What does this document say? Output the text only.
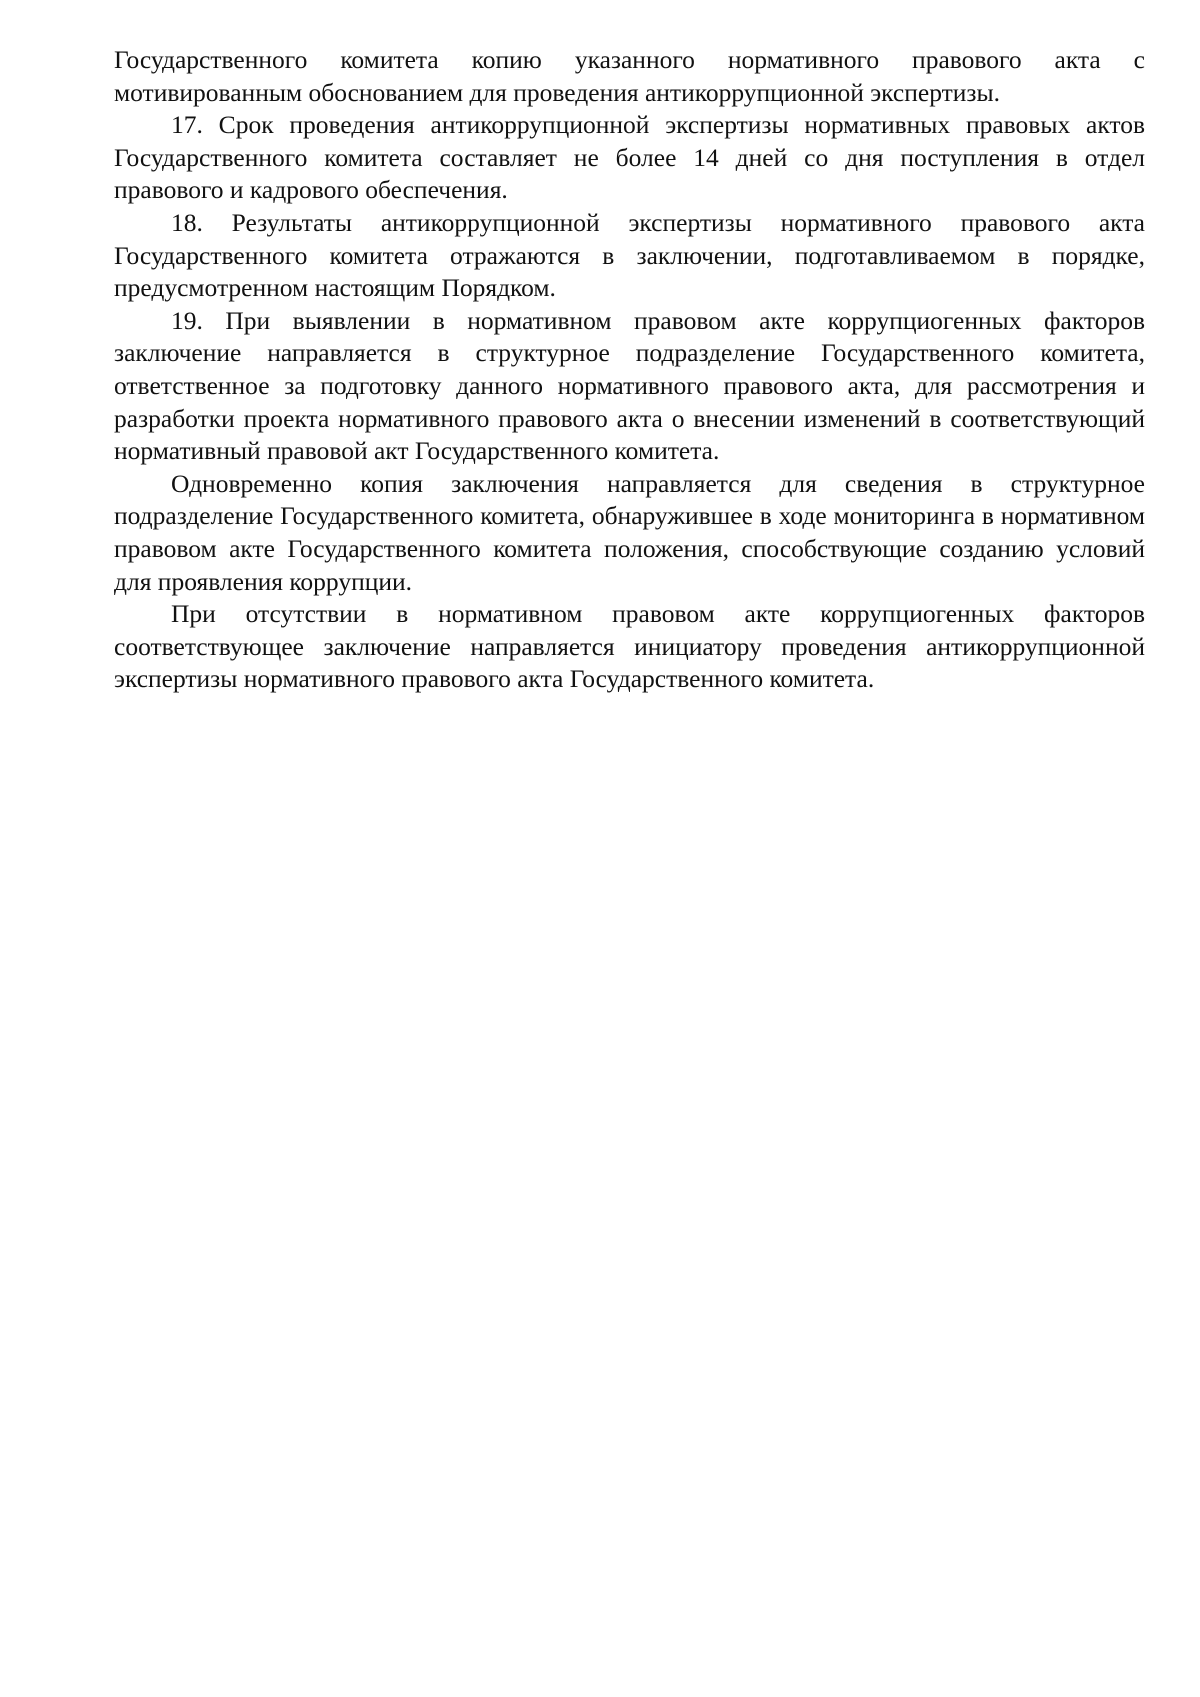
Государственного комитета копию указанного нормативного правового акта с мотивированным обоснованием для проведения антикоррупционной экспертизы.

17. Срок проведения антикоррупционной экспертизы нормативных правовых актов Государственного комитета составляет не более 14 дней со дня поступления в отдел правового и кадрового обеспечения.

18. Результаты антикоррупционной экспертизы нормативного правового акта Государственного комитета отражаются в заключении, подготавливаемом в порядке, предусмотренном настоящим Порядком.

19. При выявлении в нормативном правовом акте коррупциогенных факторов заключение направляется в структурное подразделение Государственного комитета, ответственное за подготовку данного нормативного правового акта, для рассмотрения и разработки проекта нормативного правового акта о внесении изменений в соответствующий нормативный правовой акт Государственного комитета.

Одновременно копия заключения направляется для сведения в структурное подразделение Государственного комитета, обнаружившее в ходе мониторинга в нормативном правовом акте Государственного комитета положения, способствующие созданию условий для проявления коррупции.

При отсутствии в нормативном правовом акте коррупциогенных факторов соответствующее заключение направляется инициатору проведения антикоррупционной экспертизы нормативного правового акта Государственного комитета.
